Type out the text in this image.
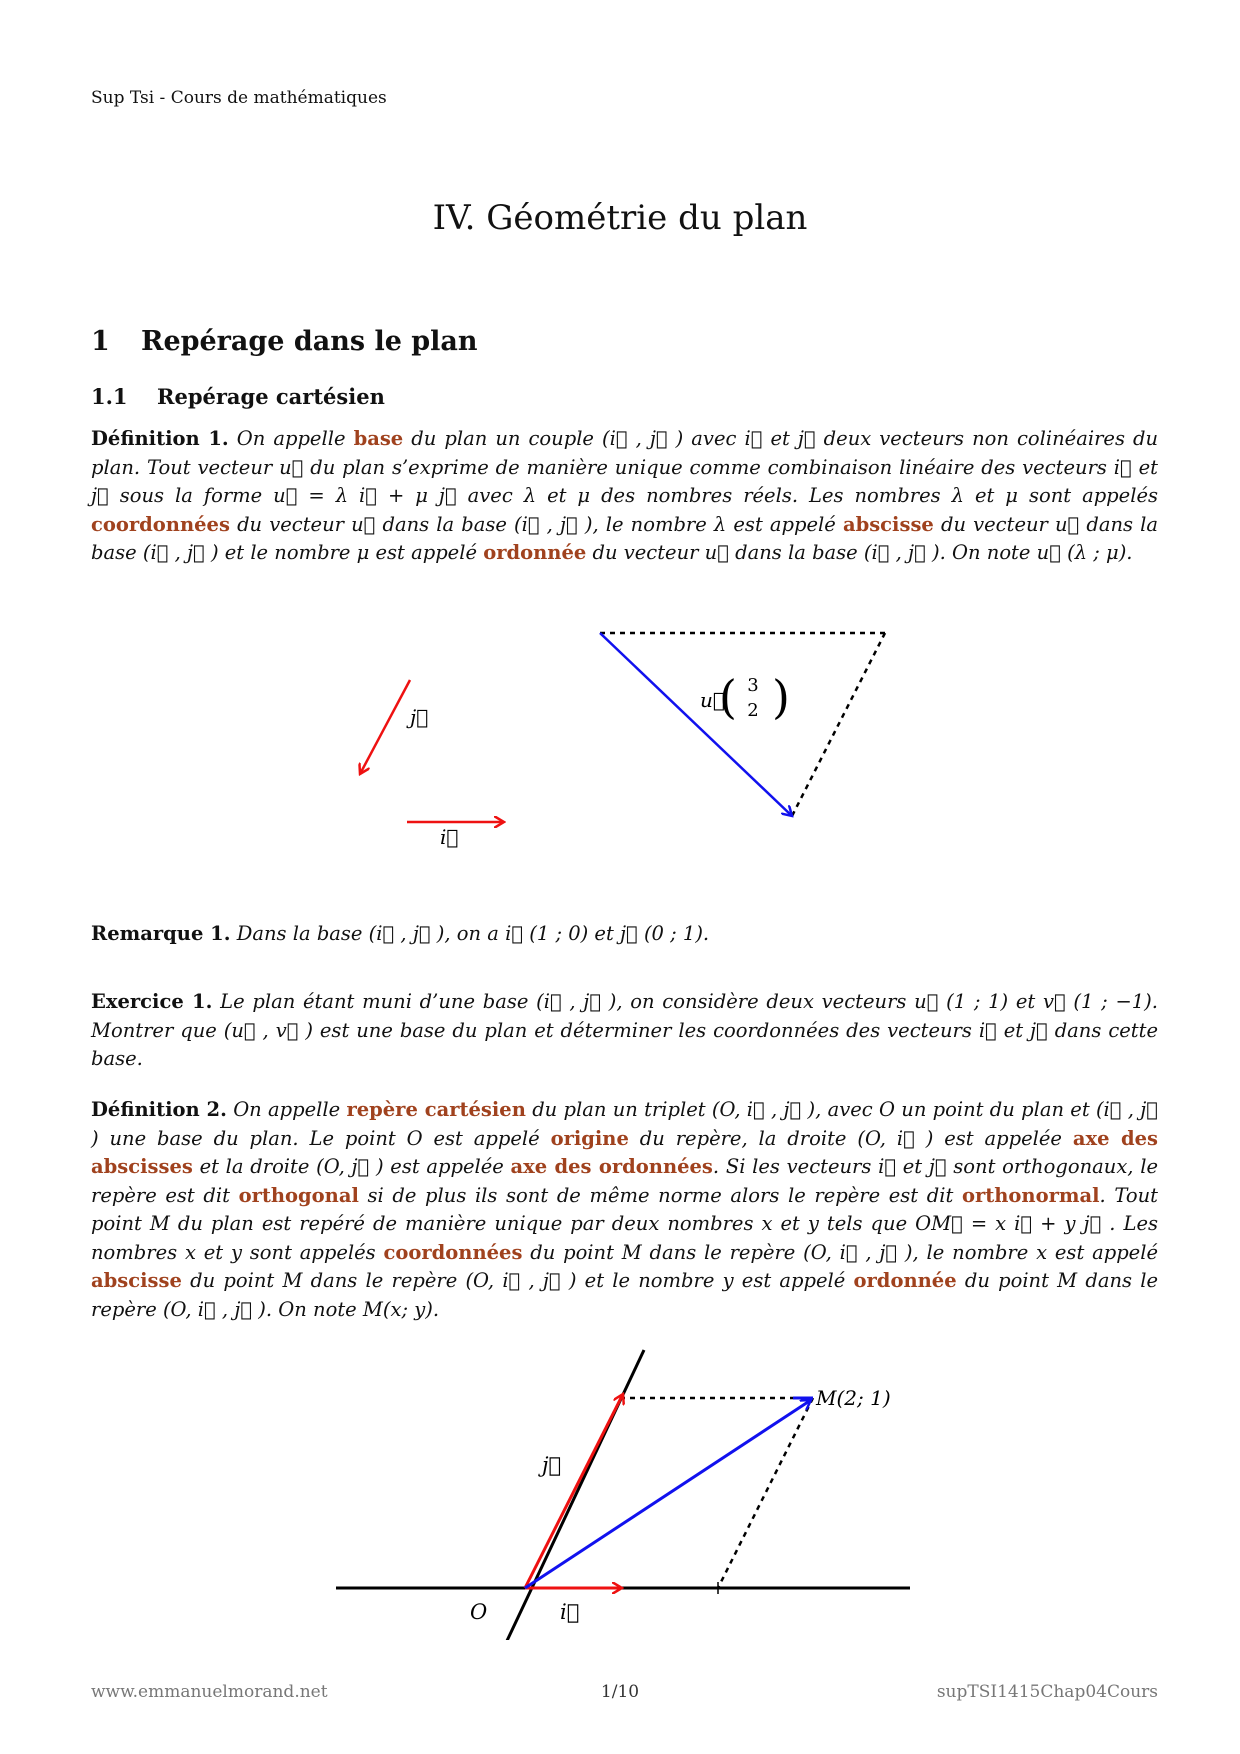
Sup Tsi - Cours de mathématiques
IV. Géométrie du plan
1 Repérage dans le plan
1.1 Repérage cartésien
Définition 1. On appelle base du plan un couple (i⃗ , j⃗ ) avec i⃗ et j⃗ deux vecteurs non colinéaires du plan. Tout vecteur u⃗ du plan s’exprime de manière unique comme combinaison linéaire des vecteurs i⃗ et j⃗ sous la forme u⃗ = λ i⃗ + μ j⃗ avec λ et μ des nombres réels. Les nombres λ et μ sont appelés coordonnées du vecteur u⃗ dans la base (i⃗ , j⃗ ), le nombre λ est appelé abscisse du vecteur u⃗ dans la base (i⃗ , j⃗ ) et le nombre μ est appelé ordonnée du vecteur u⃗ dans la base (i⃗ , j⃗ ). On note u⃗ (λ ; μ).
j⃗
i⃗
u⃗
( 3
2 )
Remarque 1. Dans la base (i⃗ , j⃗ ), on a i⃗ (1 ; 0) et j⃗ (0 ; 1).
Exercice 1. Le plan étant muni d’une base (i⃗ , j⃗ ), on considère deux vecteurs u⃗ (1 ; 1) et v⃗ (1 ; −1). Montrer que (u⃗ , v⃗ ) est une base du plan et déterminer les coordonnées des vecteurs i⃗ et j⃗ dans cette base.
Définition 2. On appelle repère cartésien du plan un triplet (O, i⃗ , j⃗ ), avec O un point du plan et (i⃗ , j⃗ ) une base du plan. Le point O est appelé origine du repère, la droite (O, i⃗ ) est appelée axe des abscisses et la droite (O, j⃗ ) est appelée axe des ordonnées. Si les vecteurs i⃗ et j⃗ sont orthogonaux, le repère est dit orthogonal si de plus ils sont de même norme alors le repère est dit orthonormal. Tout point M du plan est repéré de manière unique par deux nombres x et y tels que OM⃗ = x i⃗ + y j⃗ . Les nombres x et y sont appelés coordonnées du point M dans le repère (O, i⃗ , j⃗ ), le nombre x est appelé abscisse du point M dans le repère (O, i⃗ , j⃗ ) et le nombre y est appelé ordonnée du point M dans le repère (O, i⃗ , j⃗ ). On note M(x; y).
O	i⃗
j⃗
M(2; 1)
www.emmanuelmorand.net	1/10	supTSI1415Chap04Cours
